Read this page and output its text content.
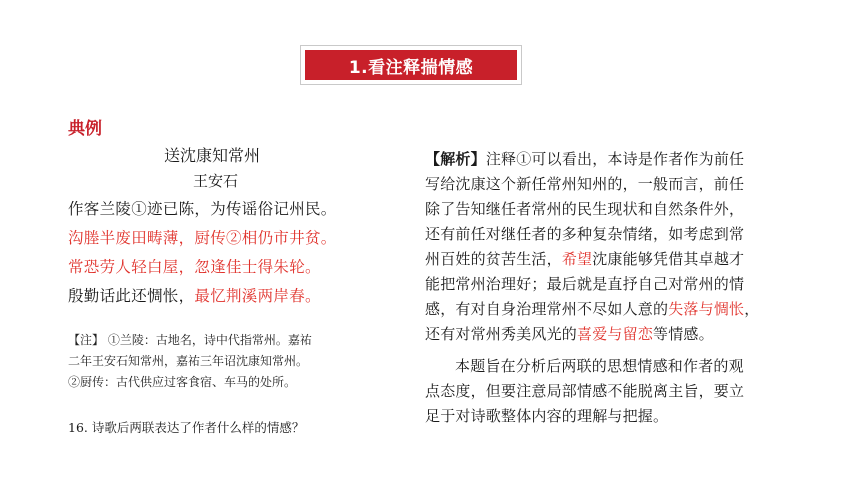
1.看注释揣情感
典例
送沈康知常州
王安石
作客兰陵①迹已陈，为传谣俗记州民。
沟塍半废田畴薄，厨传②相仍市井贫。
常恐劳人轻白屋，忽逢佳士得朱轮。
殷勤话此还惆怅，最忆荆溪两岸春。
【注】 ①兰陵：古地名，诗中代指常州。嘉祐
二年王安石知常州，嘉祐三年诏沈康知常州。
②厨传：古代供应过客食宿、车马的处所。
16. 诗歌后两联表达了作者什么样的情感？
【解析】注释①可以看出，本诗是作者作为前任
写给沈康这个新任常州知州的，一般而言，前任
除了告知继任者常州的民生现状和自然条件外，
还有前任对继任者的多种复杂情绪，如考虑到常
州百姓的贫苦生活，希望沈康能够凭借其卓越才
能把常州治理好；最后就是直抒自己对常州的情
感，有对自身治理常州不尽如人意的失落与惆怅，
还有对常州秀美风光的喜爱与留恋等情感。
本题旨在分析后两联的思想情感和作者的观
点态度，但要注意局部情感不能脱离主旨，要立
足于对诗歌整体内容的理解与把握。
